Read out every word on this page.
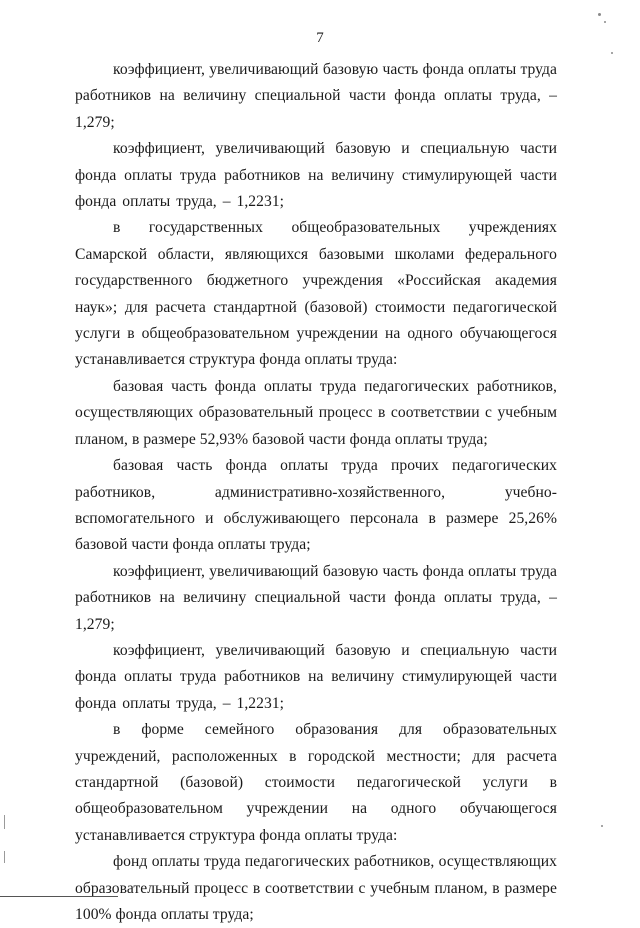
7

коэффициент, увеличивающий базовую часть фонда оплаты труда работников на величину специальной части фонда оплаты труда, – 1,279;

коэффициент, увеличивающий базовую и специальную части фонда оплаты труда работников на величину стимулирующей части фонда оплаты труда, – 1,2231;

в государственных общеобразовательных учреждениях Самарской области, являющихся базовыми школами федерального государственного бюджетного учреждения «Российская академия наук»; для расчета стандартной (базовой) стоимости педагогической услуги в общеобразовательном учреждении на одного обучающегося устанавливается структура фонда оплаты труда:

базовая часть фонда оплаты труда педагогических работников, осуществляющих образовательный процесс в соответствии с учебным планом, в размере 52,93% базовой части фонда оплаты труда;

базовая часть фонда оплаты труда прочих педагогических работников, административно-хозяйственного, учебно-вспомогательного и обслуживающего персонала в размере 25,26% базовой части фонда оплаты труда;

коэффициент, увеличивающий базовую часть фонда оплаты труда работников на величину специальной части фонда оплаты труда, – 1,279;

коэффициент, увеличивающий базовую и специальную части фонда оплаты труда работников на величину стимулирующей части фонда оплаты труда, – 1,2231;

в форме семейного образования для образовательных учреждений, расположенных в городской местности; для расчета стандартной (базовой) стоимости педагогической услуги в общеобразовательном учреждении на одного обучающегося устанавливается структура фонда оплаты труда:

фонд оплаты труда педагогических работников, осуществляющих образовательный процесс в соответствии с учебным планом, в размере 100% фонда оплаты труда;
